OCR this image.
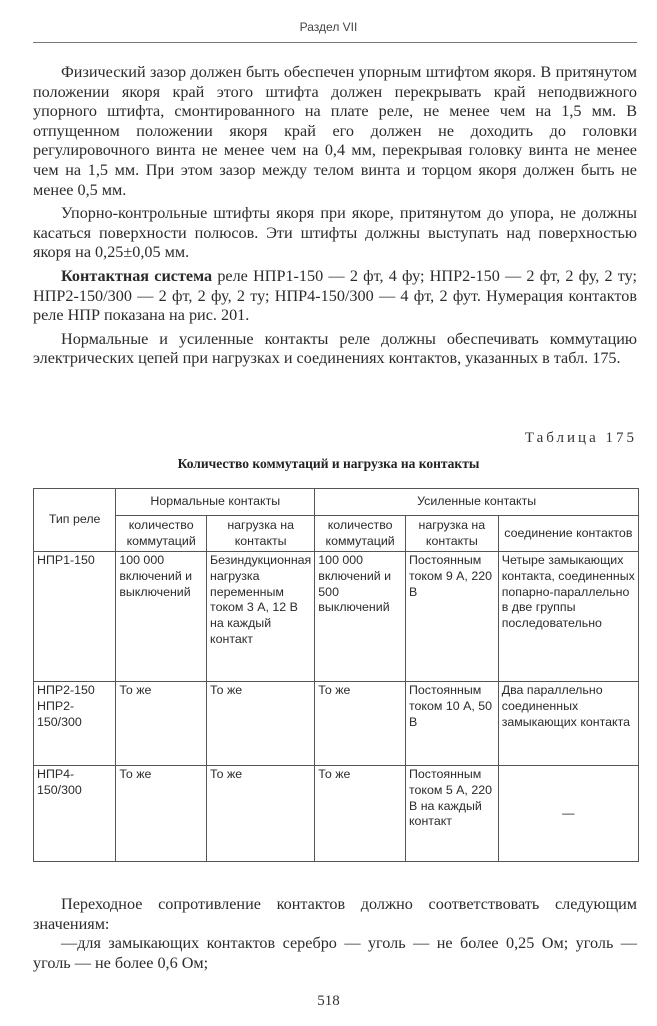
Раздел VII

Физический зазор должен быть обеспечен упорным штифтом якоря. В притянутом положении якоря край этого штифта должен перекрывать край неподвижного упорного штифта, смонтированного на плате реле, не менее чем на 1,5 мм. В отпущенном положении якоря край его должен не доходить до головки регулировочного винта не менее чем на 0,4 мм, перекрывая головку винта не менее чем на 1,5 мм. При этом зазор между телом винта и торцом якоря должен быть не менее 0,5 мм.

Упорно-контрольные штифты якоря при якоре, притянутом до упора, не должны касаться поверхности полюсов. Эти штифты должны выступать над поверхностью якоря на 0,25±0,05 мм.

Контактная система реле НПР1-150 — 2 фт, 4 фу; НПР2-150 — 2 фт, 2 фу, 2 ту; НПР2-150/300 — 2 фт, 2 фу, 2 ту; НПР4-150/300 — 4 фт, 2 фут. Нумерация контактов реле НПР показана на рис. 201.

Нормальные и усиленные контакты реле должны обеспечивать коммутацию электрических цепей при нагрузках и соединениях контактов, указанных в табл. 175.

Таблица 175
Количество коммутаций и нагрузка на контакты
Тип реле	Нормальные контакты		Усиленные контакты		
	количество коммутаций	нагрузка на контакты	количество коммутаций	нагрузка на контакты	соединение контактов
НПР1-150	100 000 включений и выключений	Безиндукционная нагрузка переменным током 3 А, 12 В на каждый контакт	100 000 включений и 500 выключений	Постоянным током 9 А, 220 В	Четыре замыкающих контакта, соединенных попарно-параллельно в две группы последовательно
НПР2-150 НПР2-150/300	То же	То же	То же	Постоянным током 10 А, 50 В	Два параллельно соединенных замыкающих контакта
НПР4-150/300	То же	То же	То же	Постоянным током 5 А, 220 В на каждый контакт	—

Переходное сопротивление контактов должно соответствовать следующим значениям:

—для замыкающих контактов серебро — уголь — не более 0,25 Ом; уголь — уголь — не более 0,6 Ом;

518
